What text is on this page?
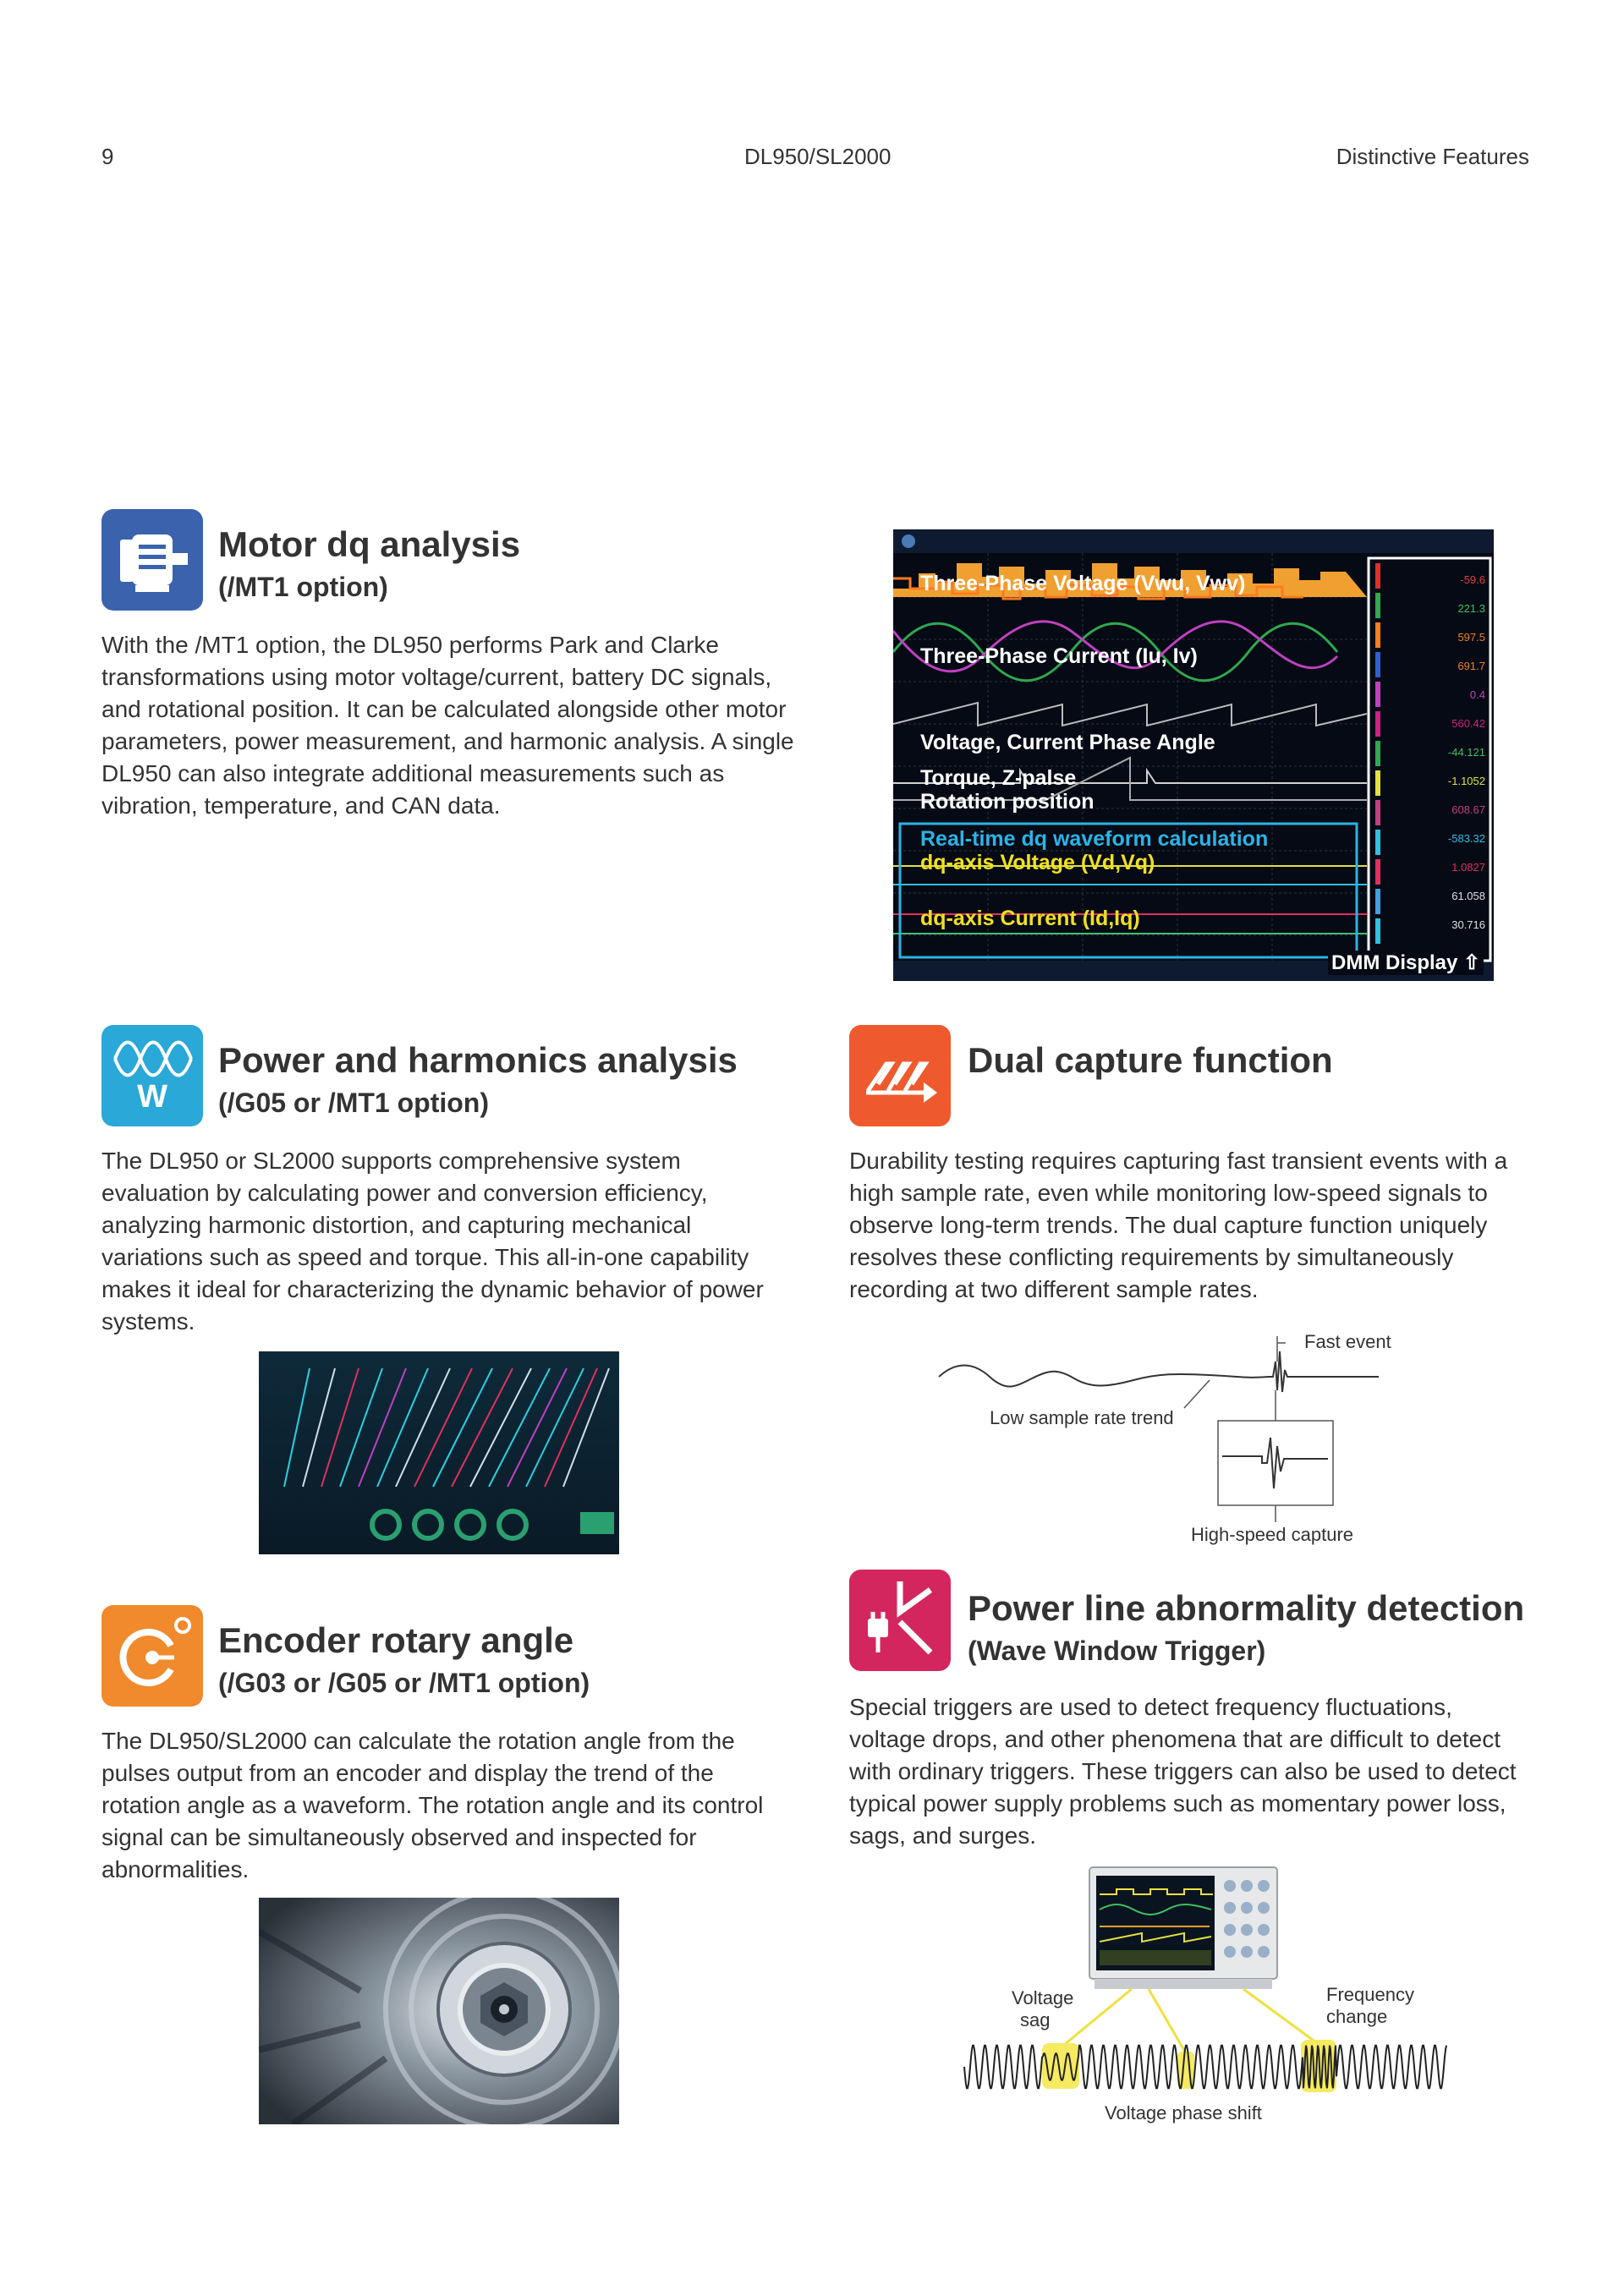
9	DL950/SL2000	Distinctive Features
Motor dq analysis
(/MT1 option)
With the /MT1 option, the DL950 performs Park and Clarke transformations using motor voltage/current, battery DC signals, and rotational position. It can be calculated alongside other motor parameters, power measurement, and harmonic analysis. A single DL950 can also integrate additional measurements such as vibration, temperature, and CAN data.
Three-Phase Voltage (Vwu, Vwv)
Three-Phase Current (Iu, Iv)
Voltage, Current Phase Angle
Torque, Z-palse
Rotation position
Real-time dq waveform calculation
dq-axis Voltage (Vd,Vq)
dq-axis Current (Id,Iq)
DMM Display ⇧
-59.6
221.3
597.5
691.7
0.4
560.42
-44.121
-1.1052
608.67
-583.32
1.0827
61.058
30.716
W
Power and harmonics analysis
(/G05 or /MT1 option)
The DL950 or SL2000 supports comprehensive system evaluation by calculating power and conversion efficiency, analyzing harmonic distortion, and capturing mechanical variations such as speed and torque. This all-in-one capability makes it ideal for characterizing the dynamic behavior of power systems.
Dual capture function
Durability testing requires capturing fast transient events with a high sample rate, even while monitoring low-speed signals to observe long-term trends. The dual capture function uniquely resolves these conflicting requirements by simultaneously recording at two different sample rates.
Fast event
Low sample rate trend
High-speed capture
Encoder rotary angle
(/G03 or /G05 or /MT1 option)
The DL950/SL2000 can calculate the rotation angle from the pulses output from an encoder and display the trend of the rotation angle as a waveform. The rotation angle and its control signal can be simultaneously observed and inspected for abnormalities.
Power line abnormality detection
(Wave Window Trigger)
Special triggers are used to detect frequency fluctuations, voltage drops, and other phenomena that are difficult to detect with ordinary triggers. These triggers can also be used to detect typical power supply problems such as momentary power loss, sags, and surges.
Voltage
sag
Frequency
change
Voltage phase shift
